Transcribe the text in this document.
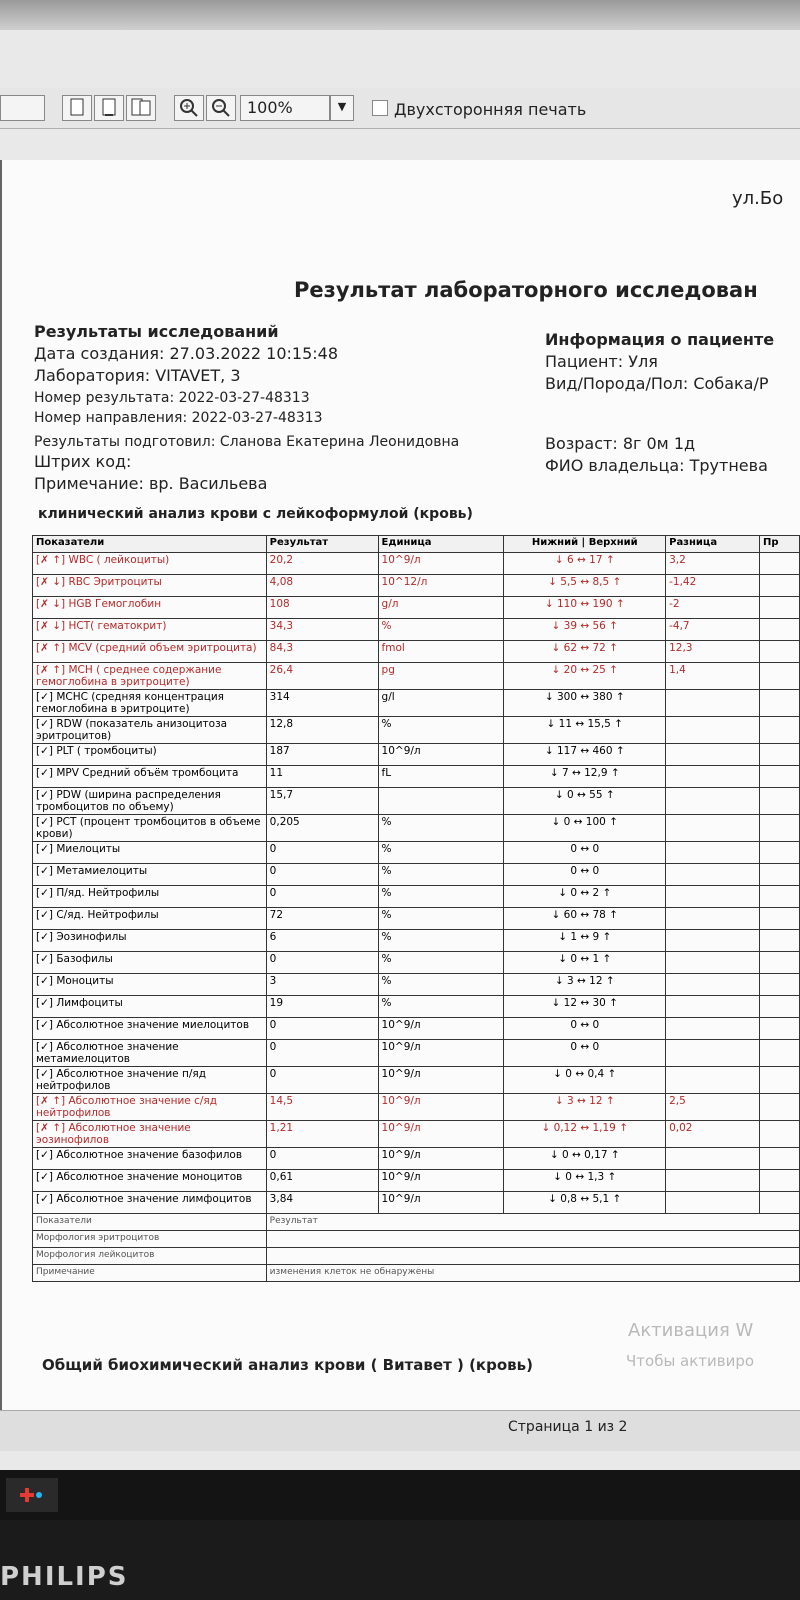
100%	▼	Двухсторонняя печать
ул.Бо
Результат лабораторного исследован
Результаты исследований
Дата создания: 27.03.2022 10:15:48
Лаборатория: VITAVET, 3
Номер результата: 2022-03-27-48313
Номер направления: 2022-03-27-48313
Результаты подготовил: Сланова Екатерина Леонидовна
Штрих код:
Примечание: вр. Васильева
Информация о пациенте
Пациент: Уля
Вид/Порода/Пол: Собака/Р
Возраст: 8г 0м 1д
ФИО владельца: Трутнева
клинический анализ крови с лейкоформулой (кровь)
Показатели	Результат	Единица	Нижний | Верхний	Разница	Пр
[✗ ↑] WBC ( лейкоциты)	20,2	10^9/л	↓ 6 ↔ 17 ↑	3,2	
[✗ ↓] RBC Эритроциты	4,08	10^12/л	↓ 5,5 ↔ 8,5 ↑	-1,42	
[✗ ↓] HGB Гемоглобин	108	g/л	↓ 110 ↔ 190 ↑	-2	
[✗ ↓] HCT( гематокрит)	34,3	%	↓ 39 ↔ 56 ↑	-4,7	
[✗ ↑] MCV (средний объем эритроцита)	84,3	fmol	↓ 62 ↔ 72 ↑	12,3	
[✗ ↑] MCH ( среднее содержание гемоглобина в эритроците)	26,4	pg	↓ 20 ↔ 25 ↑	1,4	
[✓] MCHC (средняя концентрация гемоглобина в эритроците)	314	g/l	↓ 300 ↔ 380 ↑		
[✓] RDW (показатель анизоцитоза эритроцитов)	12,8	%	↓ 11 ↔ 15,5 ↑		
[✓] PLT ( тромбоциты)	187	10^9/л	↓ 117 ↔ 460 ↑		
[✓] MPV Средний объём тромбоцита	11	fL	↓ 7 ↔ 12,9 ↑		
[✓] PDW (ширина распределения тромбоцитов по объему)	15,7		↓ 0 ↔ 55 ↑		
[✓] PCT (процент тромбоцитов в объеме крови)	0,205	%	↓ 0 ↔ 100 ↑		
[✓] Миелоциты	0	%	0 ↔ 0		
[✓] Метамиелоциты	0	%	0 ↔ 0		
[✓] П/яд. Нейтрофилы	0	%	↓ 0 ↔ 2 ↑		
[✓] С/яд. Нейтрофилы	72	%	↓ 60 ↔ 78 ↑		
[✓] Эозинофилы	6	%	↓ 1 ↔ 9 ↑		
[✓] Базофилы	0	%	↓ 0 ↔ 1 ↑		
[✓] Моноциты	3	%	↓ 3 ↔ 12 ↑		
[✓] Лимфоциты	19	%	↓ 12 ↔ 30 ↑		
[✓] Абсолютное значение миелоцитов	0	10^9/л	0 ↔ 0		
[✓] Абсолютное значение метамиелоцитов	0	10^9/л	0 ↔ 0		
[✓] Абсолютное значение п/яд нейтрофилов	0	10^9/л	↓ 0 ↔ 0,4 ↑		
[✗ ↑] Абсолютное значение с/яд нейтрофилов	14,5	10^9/л	↓ 3 ↔ 12 ↑	2,5	
[✗ ↑] Абсолютное значение эозинофилов	1,21	10^9/л	↓ 0,12 ↔ 1,19 ↑	0,02	
[✓] Абсолютное значение базофилов	0	10^9/л	↓ 0 ↔ 0,17 ↑		
[✓] Абсолютное значение моноцитов	0,61	10^9/л	↓ 0 ↔ 1,3 ↑		
[✓] Абсолютное значение лимфоцитов	3,84	10^9/л	↓ 0,8 ↔ 5,1 ↑		
Показатели	Результат				
Морфология эритроцитов					
Морфология лейкоцитов					
Примечание	изменения клеток не обнаружены				
Общий биохимический анализ крови ( Витавет ) (кровь)
Активация W
Чтобы активиро
Страница 1 из 2
PHILIPS
